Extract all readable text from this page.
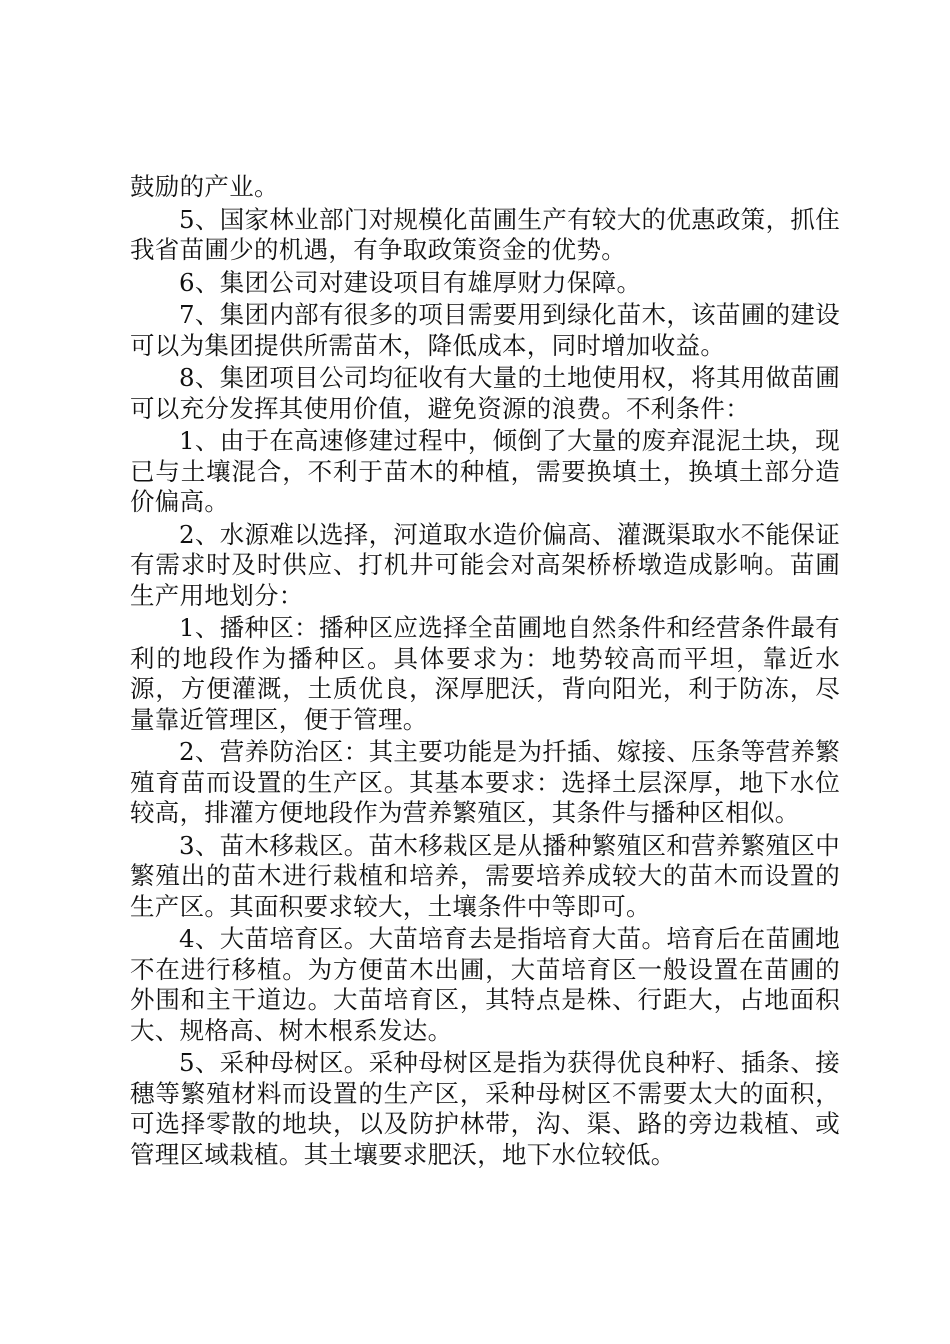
鼓励的产业。

5、国家林业部门对规模化苗圃生产有较大的优惠政策，抓住我省苗圃少的机遇，有争取政策资金的优势。

6、集团公司对建设项目有雄厚财力保障。

7、集团内部有很多的项目需要用到绿化苗木，该苗圃的建设可以为集团提供所需苗木，降低成本，同时增加收益。

8、集团项目公司均征收有大量的土地使用权，将其用做苗圃可以充分发挥其使用价值，避免资源的浪费。不利条件：

1、由于在高速修建过程中，倾倒了大量的废弃混泥土块，现已与土壤混合，不利于苗木的种植，需要换填土，换填土部分造价偏高。

2、水源难以选择，河道取水造价偏高、灌溉渠取水不能保证有需求时及时供应、打机井可能会对高架桥桥墩造成影响。苗圃生产用地划分：

1、播种区：播种区应选择全苗圃地自然条件和经营条件最有利的地段作为播种区。具体要求为：地势较高而平坦，靠近水源，方便灌溉，土质优良，深厚肥沃，背向阳光，利于防冻，尽量靠近管理区，便于管理。

2、营养防治区：其主要功能是为扦插、嫁接、压条等营养繁殖育苗而设置的生产区。其基本要求：选择土层深厚，地下水位较高，排灌方便地段作为营养繁殖区，其条件与播种区相似。

3、苗木移栽区。苗木移栽区是从播种繁殖区和营养繁殖区中繁殖出的苗木进行栽植和培养，需要培养成较大的苗木而设置的生产区。其面积要求较大，土壤条件中等即可。

4、大苗培育区。大苗培育去是指培育大苗。培育后在苗圃地不在进行移植。为方便苗木出圃，大苗培育区一般设置在苗圃的外围和主干道边。大苗培育区，其特点是株、行距大，占地面积大、规格高、树木根系发达。

5、采种母树区。采种母树区是指为获得优良种籽、插条、接穗等繁殖材料而设置的生产区，采种母树区不需要太大的面积，可选择零散的地块，以及防护林带，沟、渠、路的旁边栽植、或管理区域栽植。其土壤要求肥沃，地下水位较低。
